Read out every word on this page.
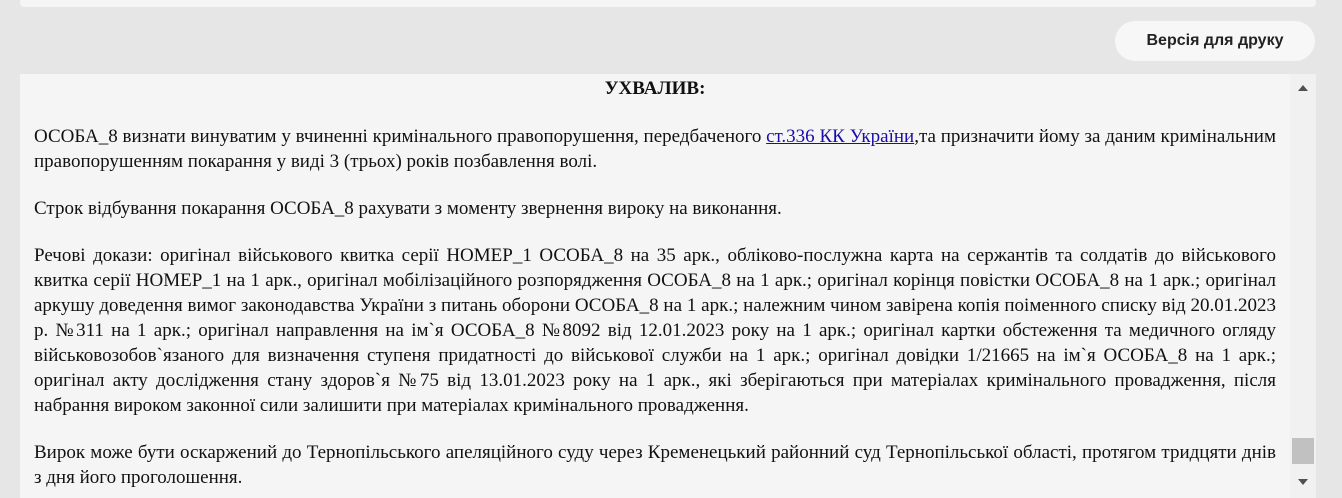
Версія для друку

УХВАЛИВ:

ОСОБА_8 визнати винуватим у вчиненні кримінального правопорушення, передбаченого ст.336 КК України,та призначити йому за даним кримінальним правопорушенням покарання у виді 3 (трьох) років позбавлення волі.

Строк відбування покарання ОСОБА_8 рахувати з моменту звернення вироку на виконання.

Речові докази: оригінал військового квитка серії НОМЕР_1 ОСОБА_8 на 35 арк., обліково-послужна карта на сержантів та солдатів до військового квитка серії НОМЕР_1 на 1 арк., оригінал мобілізаційного розпорядження ОСОБА_8 на 1 арк.; оригінал корінця повістки ОСОБА_8 на 1 арк.; оригінал аркушу доведення вимог законодавства України з питань оборони ОСОБА_8 на 1 арк.; належним чином завірена копія поіменного списку від 20.01.2023 р. №311 на 1 арк.; оригінал направлення на ім`я ОСОБА_8 №8092 від 12.01.2023 року на 1 арк.; оригінал картки обстеження та медичного огляду військовозобов`язаного для визначення ступеня придатності до військової служби на 1 арк.; оригінал довідки 1/21665 на ім`я ОСОБА_8 на 1 арк.; оригінал акту дослідження стану здоров`я №75 від 13.01.2023 року на 1 арк., які зберігаються при матеріалах кримінального провадження, після набрання вироком законної сили залишити при матеріалах кримінального провадження.

Вирок може бути оскаржений до Тернопільського апеляційного суду через Кременецький районний суд Тернопільської області, протягом тридцяти днів з дня його проголошення.
